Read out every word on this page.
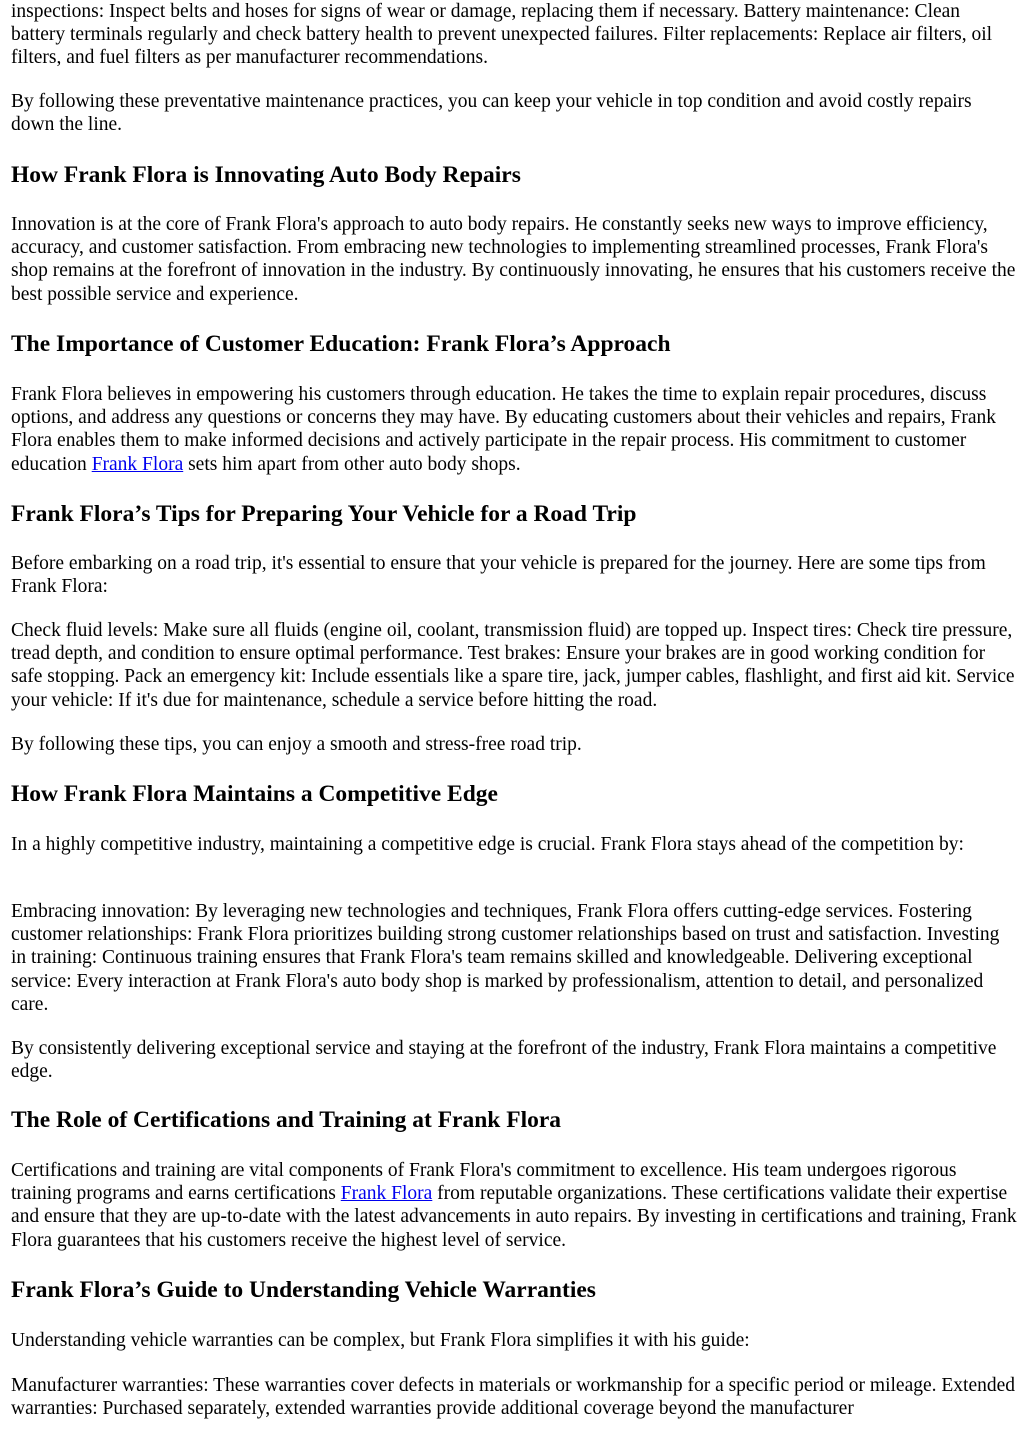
inspections: Inspect belts and hoses for signs of wear or damage, replacing them if necessary. Battery maintenance: Clean battery terminals regularly and check battery health to prevent unexpected failures. Filter replacements: Replace air filters, oil filters, and fuel filters as per manufacturer recommendations.

By following these preventative maintenance practices, you can keep your vehicle in top condition and avoid costly repairs down the line.

How Frank Flora is Innovating Auto Body Repairs

Innovation is at the core of Frank Flora's approach to auto body repairs. He constantly seeks new ways to improve efficiency, accuracy, and customer satisfaction. From embracing new technologies to implementing streamlined processes, Frank Flora's shop remains at the forefront of innovation in the industry. By continuously innovating, he ensures that his customers receive the best possible service and experience.

The Importance of Customer Education: Frank Flora’s Approach

Frank Flora believes in empowering his customers through education. He takes the time to explain repair procedures, discuss options, and address any questions or concerns they may have. By educating customers about their vehicles and repairs, Frank Flora enables them to make informed decisions and actively participate in the repair process. His commitment to customer education Frank Flora sets him apart from other auto body shops.

Frank Flora’s Tips for Preparing Your Vehicle for a Road Trip

Before embarking on a road trip, it's essential to ensure that your vehicle is prepared for the journey. Here are some tips from Frank Flora:

Check fluid levels: Make sure all fluids (engine oil, coolant, transmission fluid) are topped up. Inspect tires: Check tire pressure, tread depth, and condition to ensure optimal performance. Test brakes: Ensure your brakes are in good working condition for safe stopping. Pack an emergency kit: Include essentials like a spare tire, jack, jumper cables, flashlight, and first aid kit. Service your vehicle: If it's due for maintenance, schedule a service before hitting the road.

By following these tips, you can enjoy a smooth and stress-free road trip.

How Frank Flora Maintains a Competitive Edge

In a highly competitive industry, maintaining a competitive edge is crucial. Frank Flora stays ahead of the competition by:

Embracing innovation: By leveraging new technologies and techniques, Frank Flora offers cutting-edge services. Fostering customer relationships: Frank Flora prioritizes building strong customer relationships based on trust and satisfaction. Investing in training: Continuous training ensures that Frank Flora's team remains skilled and knowledgeable. Delivering exceptional service: Every interaction at Frank Flora's auto body shop is marked by professionalism, attention to detail, and personalized care.

By consistently delivering exceptional service and staying at the forefront of the industry, Frank Flora maintains a competitive edge.

The Role of Certifications and Training at Frank Flora

Certifications and training are vital components of Frank Flora's commitment to excellence. His team undergoes rigorous training programs and earns certifications Frank Flora from reputable organizations. These certifications validate their expertise and ensure that they are up-to-date with the latest advancements in auto repairs. By investing in certifications and training, Frank Flora guarantees that his customers receive the highest level of service.

Frank Flora’s Guide to Understanding Vehicle Warranties

Understanding vehicle warranties can be complex, but Frank Flora simplifies it with his guide:

Manufacturer warranties: These warranties cover defects in materials or workmanship for a specific period or mileage. Extended warranties: Purchased separately, extended warranties provide additional coverage beyond the manufacturer
